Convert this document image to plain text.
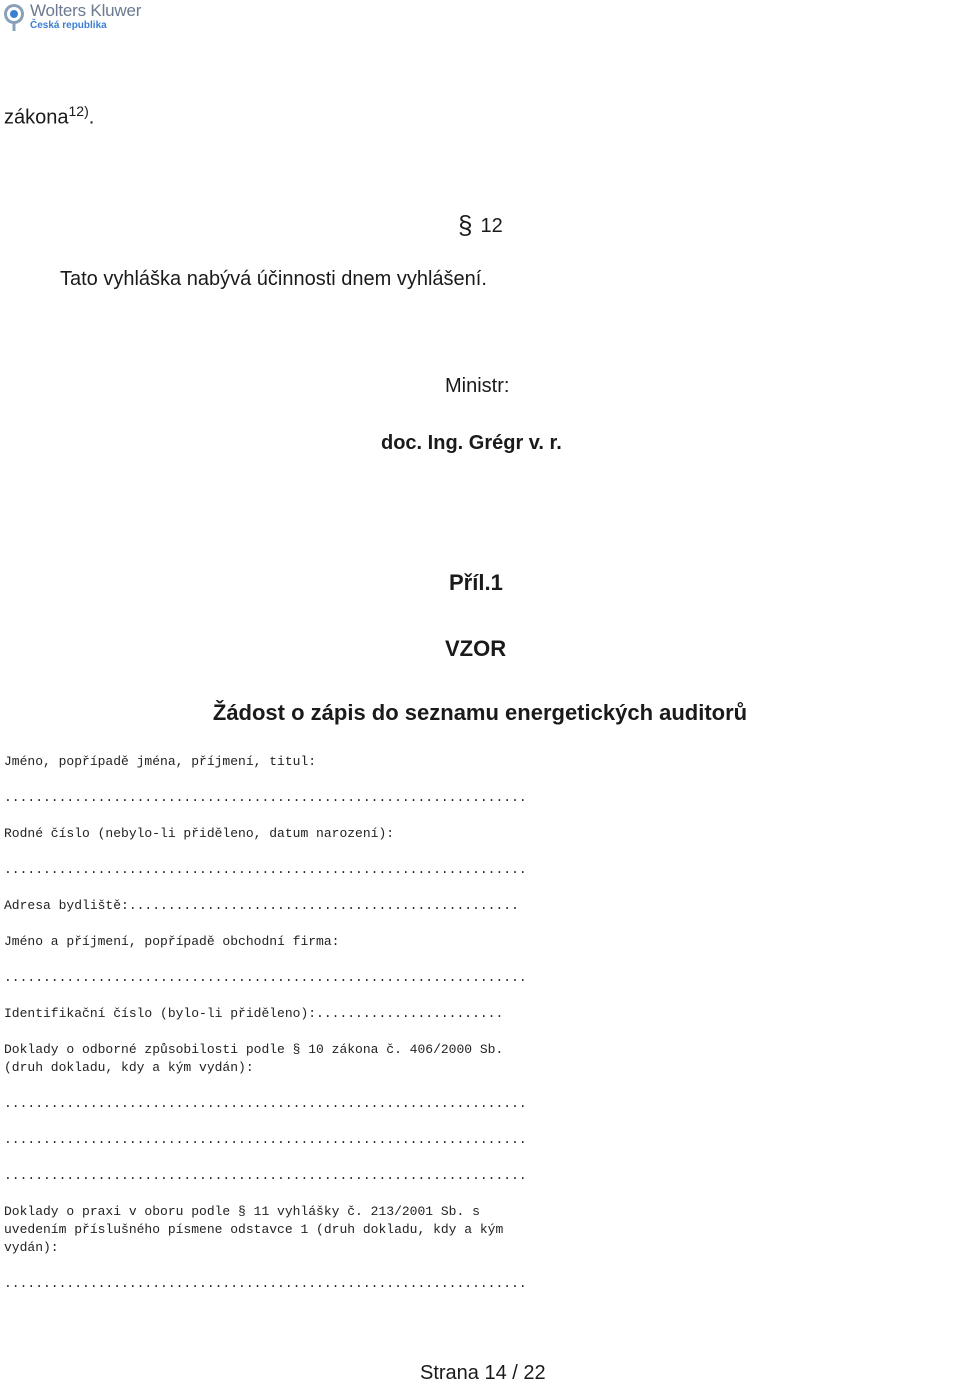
Wolters Kluwer
Česká republika
zákona$^{12)}$.
§ 12
Tato vyhláška nabývá účinnosti dnem vyhlášení.
Ministr:
doc. Ing. Grégr v. r.
Příl.1
VZOR
Žádost o zápis do seznamu energetických auditorů
Jméno, popřípadě jména, příjmení, titul:
...................................................................
Rodné číslo (nebylo-li přiděleno, datum narození):
...................................................................
Adresa bydliště:..................................................
Jméno a příjmení, popřípadě obchodní firma:
...................................................................
Identifikační číslo (bylo-li přiděleno):........................
Doklady o odborné způsobilosti podle § 10 zákona č. 406/2000 Sb.
(druh dokladu, kdy a kým vydán):
...................................................................
...................................................................
...................................................................
Doklady o praxi v oboru podle § 11 vyhlášky č. 213/2001 Sb. s
uvedením příslušného písmene odstavce 1 (druh dokladu, kdy a kým
vydán):
...................................................................
Strana 14 / 22
